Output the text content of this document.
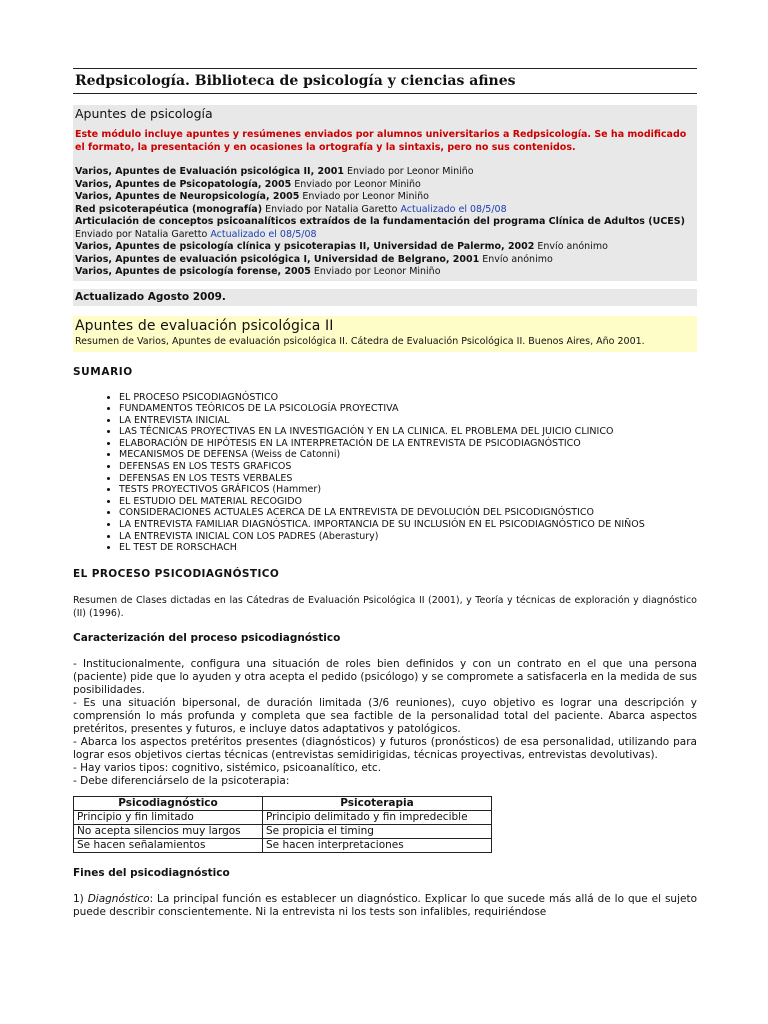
Redpsicología. Biblioteca de psicología y ciencias afines
Apuntes de psicología
Este módulo incluye apuntes y resúmenes enviados por alumnos universitarios a Redpsicología. Se ha modificado el formato, la presentación y en ocasiones la ortografía y la sintaxis, pero no sus contenidos.
Varios, Apuntes de Evaluación psicológica II, 2001 Enviado por Leonor Miniño
Varios, Apuntes de Psicopatología, 2005 Enviado por Leonor Miniño
Varios, Apuntes de Neuropsicología, 2005 Enviado por Leonor Miniño
Red psicoterapéutica (monografía) Enviado por Natalia Garetto Actualizado el 08/5/08
Articulación de conceptos psicoanalíticos extraídos de la fundamentación del programa Clínica de Adultos (UCES)
Enviado por Natalia Garetto Actualizado el 08/5/08
Varios, Apuntes de psicología clínica y psicoterapias II, Universidad de Palermo, 2002 Envío anónimo
Varios, Apuntes de evaluación psicológica I, Universidad de Belgrano, 2001 Envío anónimo
Varios, Apuntes de psicología forense, 2005 Enviado por Leonor Miniño
Actualizado Agosto 2009.
Apuntes de evaluación psicológica II

Resumen de Varios, Apuntes de evaluación psicológica II. Cátedra de Evaluación Psicológica II. Buenos Aires, Año 2001.

SUMARIO
• EL PROCESO PSICODIAGNÓSTICO
• FUNDAMENTOS TEÓRICOS DE LA PSICOLOGÍA PROYECTIVA
• LA ENTREVISTA INICIAL
• LAS TÉCNICAS PROYECTIVAS EN LA INVESTIGACIÓN Y EN LA CLINICA. EL PROBLEMA DEL JUICIO CLINICO
• ELABORACIÓN DE HIPÓTESIS EN LA INTERPRETACIÓN DE LA ENTREVISTA DE PSICODIAGNÓSTICO
• MECANISMOS DE DEFENSA (Weiss de Catonni)
• DEFENSAS EN LOS TESTS GRAFICOS
• DEFENSAS EN LOS TESTS VERBALES
• TESTS PROYECTIVOS GRÁFICOS (Hammer)
• EL ESTUDIO DEL MATERIAL RECOGIDO
• CONSIDERACIONES ACTUALES ACERCA DE LA ENTREVISTA DE DEVOLUCIÓN DEL PSICODIGNÓSTICO
• LA ENTREVISTA FAMILIAR DIAGNÓSTICA. IMPORTANCIA DE SU INCLUSIÓN EN EL PSICODIAGNÓSTICO DE NIÑOS
• LA ENTREVISTA INICIAL CON LOS PADRES (Aberastury)
• EL TEST DE RORSCHACH
EL PROCESO PSICODIAGNÓSTICO

Resumen de Clases dictadas en las Cátedras de Evaluación Psicológica II (2001), y Teoría y técnicas de exploración y diagnóstico (II) (1996).

Caracterización del proceso psicodiagnóstico
- Institucionalmente, configura una situación de roles bien definidos y con un contrato en el que una persona (paciente) pide que lo ayuden y otra acepta el pedido (psicólogo) y se compromete a satisfacerla en la medida de sus posibilidades.
- Es una situación bipersonal, de duración limitada (3/6 reuniones), cuyo objetivo es lograr una descripción y comprensión lo más profunda y completa que sea factible de la personalidad total del paciente. Abarca aspectos pretéritos, presentes y futuros, e incluye datos adaptativos y patológicos.
- Abarca los aspectos pretéritos presentes (diagnósticos) y futuros (pronósticos) de esa personalidad, utilizando para lograr esos objetivos ciertas técnicas (entrevistas semidirigidas, técnicas proyectivas, entrevistas devolutivas).
- Hay varios tipos: cognitivo, sistémico, psicoanalítico, etc.
- Debe diferenciárselo de la psicoterapia:
Psicodiagnóstico	Psicoterapia
Principio y fin limitado	Principio delimitado y fin impredecible
No acepta silencios muy largos	Se propicia el timing
Se hacen señalamientos	Se hacen interpretaciones
Fines del psicodiagnóstico

1) Diagnóstico: La principal función es establecer un diagnóstico. Explicar lo que sucede más allá de lo que el sujeto puede describir conscientemente. Ni la entrevista ni los tests son infalibles, requiriéndose
